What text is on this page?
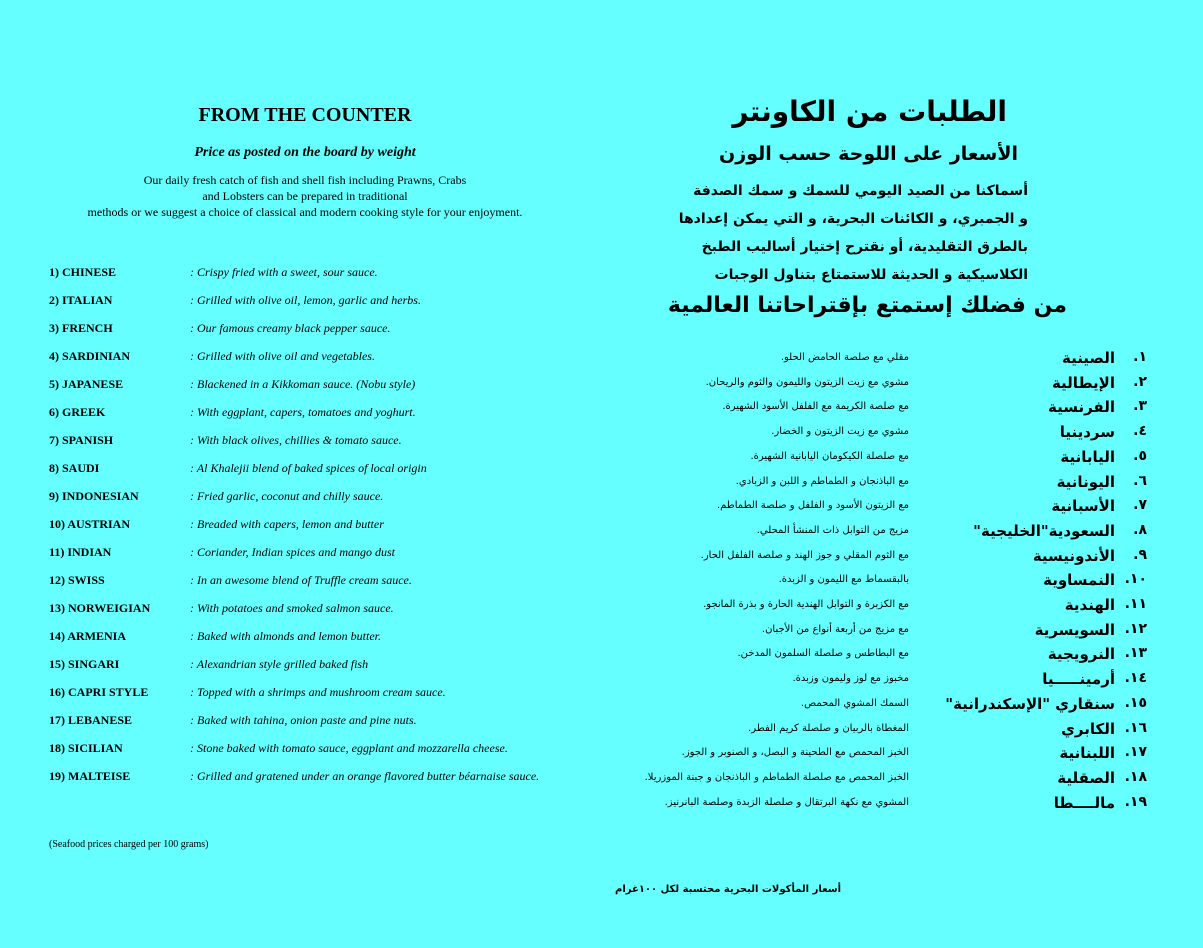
FROM THE COUNTER
Price as posted on the board by weight
Our daily fresh catch of fish and shell fish including Prawns, Crabs
and Lobsters can be prepared in traditional
methods or we suggest a choice of classical and modern cooking style for your enjoyment.
1) CHINESE	: Crispy fried with a sweet, sour sauce.
2) ITALIAN	: Grilled with olive oil, lemon, garlic and herbs.
3) FRENCH	: Our famous creamy black pepper sauce.
4) SARDINIAN	: Grilled with olive oil and vegetables.
5) JAPANESE	: Blackened in a Kikkoman sauce. (Nobu style)
6) GREEK	: With eggplant, capers, tomatoes and yoghurt.
7) SPANISH	: With black olives, chillies & tomato sauce.
8) SAUDI	: Al Khalejii blend of baked spices of local origin
9) INDONESIAN	: Fried garlic, coconut and chilly sauce.
10) AUSTRIAN	: Breaded with capers, lemon and butter
11) INDIAN	: Coriander, Indian spices and mango dust
12) SWISS	: In an awesome blend of Truffle cream sauce.
13) NORWEIGIAN	: With potatoes and smoked salmon sauce.
14) ARMENIA	: Baked with almonds and lemon butter.
15) SINGARI	: Alexandrian style grilled baked fish
16) CAPRI STYLE	: Topped with a shrimps and mushroom cream sauce.
17) LEBANESE	: Baked with tahina, onion paste and pine nuts.
18) SICILIAN	: Stone baked with tomato sauce, eggplant and mozzarella cheese.
19) MALTEISE	: Grilled and gratened under an orange flavored butter béarnaise sauce.
(Seafood prices charged per 100 grams)
الطلبات من الكاونتر
الأسعار على اللوحة حسب الوزن
أسماكنا من الصيد اليومي للسمك و سمك الصدفة
و الجمبري، و الكائنات البحرية، و التي يمكن إعدادها
بالطرق التقليدية، أو نقترح إختيار أساليب الطبخ
الكلاسيكية و الحديثة للاستمتاع بتناول الوجبات
من فضلك إستمتع بإقتراحاتنا العالمية
١.
الصينية
مقلي مع صلصة الحامض الحلو.
٢.
الإيطالية
مشوي مع زيت الزيتون والليمون والثوم والريحان.
٣.
الفرنسية
مع صلصة الكريمة مع الفلفل الأسود الشهيرة.
٤.
سردينيا
مشوي مع زيت الزيتون و الخضار.
٥.
اليابانية
مع صلصلة الكيكومان اليابانية الشهيرة.
٦.
اليونانية
مع الباذنجان و الطماطم و اللبن و الزبادي.
٧.
الأسبانية
مع الزيتون الأسود و الفلفل و صلصة الطماطم.
٨.
السعودية"الخليجية"
مزيج من التوابل ذات المنشأ المحلي.
٩.
الأندونيسية
مع الثوم المقلي و جوز الهند و صلصة الفلفل الحار.
١٠.
النمساوية
بالبقسماط مع الليمون و الزبدة.
١١.
الهندية
مع الكزبرة و التوابل الهندية الحارة و بذرة المانجو.
١٢.
السويسرية
مع مزيج من أربعة أنواع من الأجبان.
١٣.
النرويجية
مع البطاطس و صلصلة السلمون المدخن.
١٤.
أرمينـــــيا
مخبوز مع لوز وليمون وزبدة.
١٥.
سنقاري "الإسكندرانية"
السمك المشوي المحمص.
١٦.
الكابري
المغطاة بالربيان و صلصلة كريم الفطر.
١٧.
اللبنانية
الخبز المحمص مع الطحينة و البصل، و الصنوبر و الجوز.
١٨.
الصقلية
الخبز المحمص مع صلصلة الطماطم و الباذنجان و جبنة الموزريلا.
١٩.
مالــــطا
المشوي مع نكهة البرتقال و صلصلة الزبدة وصلصة البانرنيز.
أسعار المأكولات البحرية محتسبة لكل ١٠٠غرام
